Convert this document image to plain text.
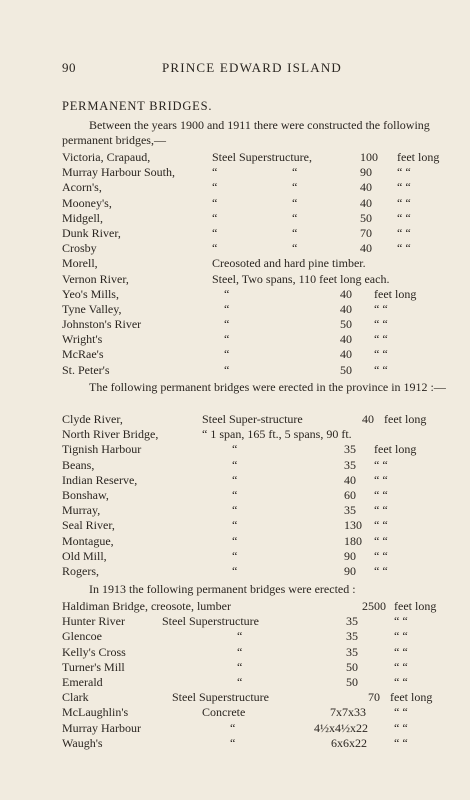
90	PRINCE EDWARD ISLAND
PERMANENT BRIDGES.
Between the years 1900 and 1911 there were constructed the following permanent bridges,—
Victoria, Crapaud,	Steel Superstructure,	100 feet long
Murray Harbour South,	“	“	90 “ “
Acorn's,	“	“	40 “ “
Mooney's,	“	“	40 “ “
Midgell,	“	“	50 “ “
Dunk River,	“	“	70 “ “
Crosby	“	“	40 “ “
Morell,	Creosoted and hard pine timber.
Vernon River,	Steel, Two spans, 110 feet long each.
Yeo's Mills,	“	40 feet long
Tyne Valley,	“	40 “ “
Johnston's River	“	50 “ “
Wright's	“	40 “ “
McRae's	“	40 “ “
St. Peter's	“	50 “ “
The following permanent bridges were erected in the province in 1912 :—
Clyde River,	Steel Super-structure	40 feet long
North River Bridge,	“ 1 span, 165 ft., 5 spans, 90 ft.
Tignish Harbour	“	35 feet long
Beans,	“	35 “ “
Indian Reserve,	“	40 “ “
Bonshaw,	“	60 “ “
Murray,	“	35 “ “
Seal River,	“	130 “ “
Montague,	“	180 “ “
Old Mill,	“	90 “ “
Rogers,	“	90 “ “
In 1913 the following permanent bridges were erected :
Haldiman Bridge, creosote, lumber	2500 feet long
Hunter River	Steel Superstructure	35	“ “
Glencoe	“	35	“ “
Kelly's Cross	“	35	“ “
Turner's Mill	“	50	“ “
Emerald	“	50	“ “
Clark	Steel Superstructure	70 feet long
McLaughlin's	Concrete	7x7x33 “ “
Murray Harbour	“	4½x4½x22 “ “
Waugh's	“	6x6x22 “ “
